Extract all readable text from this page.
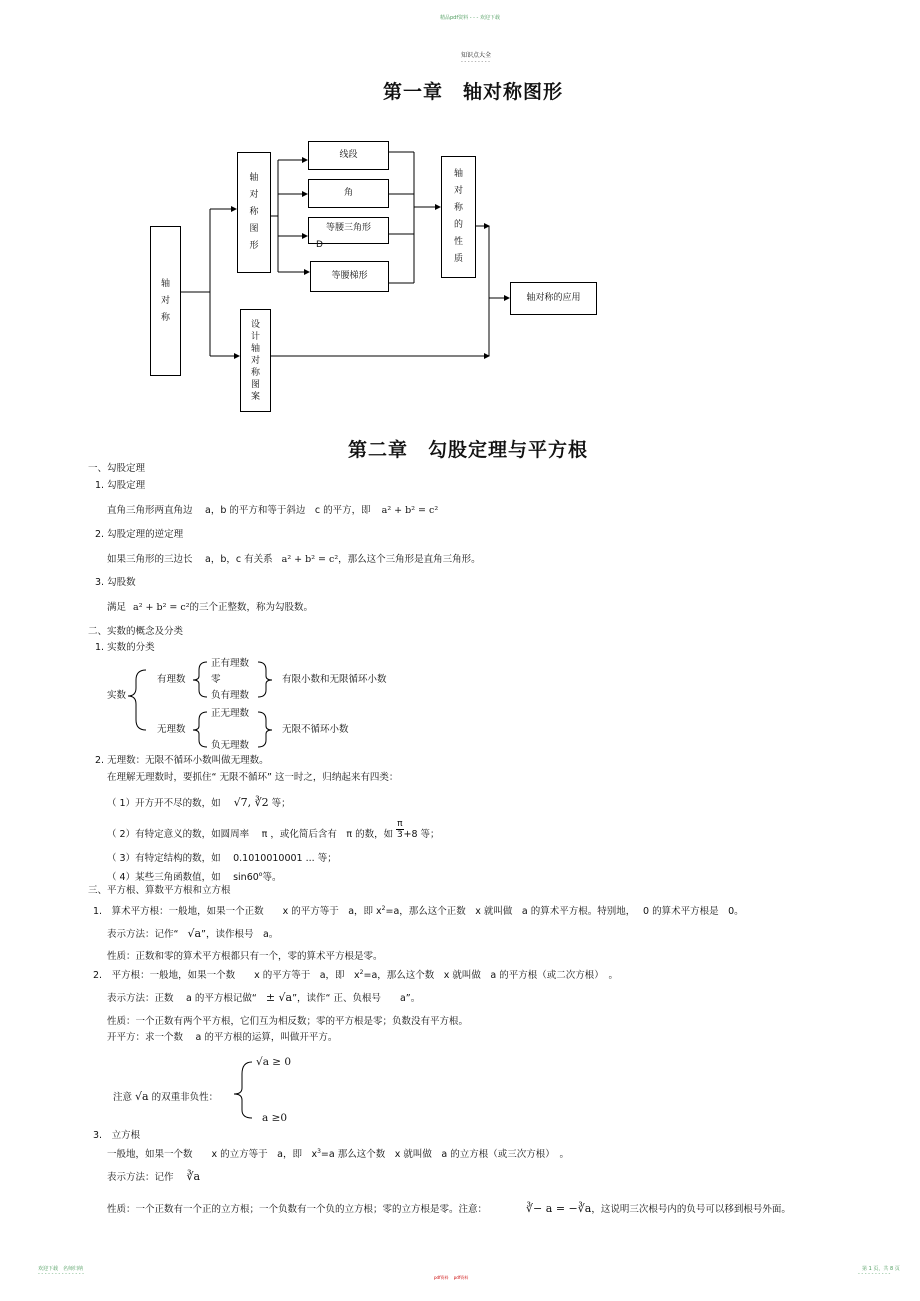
精品pdf资料 - - - 欢迎下载
知识点大全
- - - - - - - - -
第一章　轴对称图形
轴
对
称
轴
对
称
图
形
设
计
轴
对
称
图
案
线段
角
等腰三角形
D
等腰梯形
轴
对
称
的
性
质
轴对称的应用
第二章　勾股定理与平方根
一、勾股定理
1. 勾股定理
直角三角形两直角边　 a，b 的平方和等于斜边　c 的平方，即 a² + b² = c²
2. 勾股定理的逆定理
如果三角形的三边长　 a，b，c 有关系 a² + b² = c²，那么这个三角形是直角三角形。
3. 勾股数
满足 a² + b² = c²的三个正整数，称为勾股数。
二、实数的概念及分类
1. 实数的分类
实数
有理数
正有理数
零
负有理数
有限小数和无限循环小数
无理数
正无理数
负无理数
无限不循环小数
2. 无理数：无限不循环小数叫做无理数。
在理解无理数时，要抓住“ 无限不循环” 这一时之，归纳起来有四类：
（ 1）开方开不尽的数，如 √7, ∛2 等；
（ 2）有特定意义的数，如圆周率　 π ，或化简后含有　π 的数，如 $\frac{\pi}{3} +8$ 等；
（ 3）有特定结构的数，如　 0.1010010001 ... 等；
（ 4）某些三角函数值，如　 sin60$^o$等。
三、平方根、算数平方根和立方根
1.　算术平方根：一般地，如果一个正数　　x 的平方等于　a，即 $x^2=a$，那么这个正数　x 就叫做　a 的算术平方根。特别地，　 0 的算术平方根是　0。
表示方法：记作“ √a”，读作根号　a。
性质：正数和零的算术平方根都只有一个，零的算术平方根是零。
2.　平方根：一般地，如果一个数　　x 的平方等于　a，即　$x^2=a$，那么这个数　x 就叫做　a 的平方根（或二次方根）　。
表示方法：正数　 a 的平方根记做“ ± √a”，读作“ 正、负根号　　a”。
性质：一个正数有两个平方根，它们互为相反数；零的平方根是零；负数没有平方根。
开平方：求一个数　 a 的平方根的运算，叫做开平方。
注意 √a 的双重非负性：
√a ≥ 0
a ≥0
3.　立方根
一般地，如果一个数　　x 的立方等于　a，即　$x^3=a$ 那么这个数　x 就叫做　a 的立方根（或三次方根）　。
表示方法：记作 ∛a
性质：一个正数有一个正的立方根；一个负数有一个负的立方根；零的立方根是零。注意：	∛− a = −∛a，这说明三次根号内的负号可以移到根号外面。
欢迎下载　名师归纳
- - - - - - - - - - - - - -
pdf资料　 pdf资料
第 1 页，共 8 页
- - - - - - - - - -
